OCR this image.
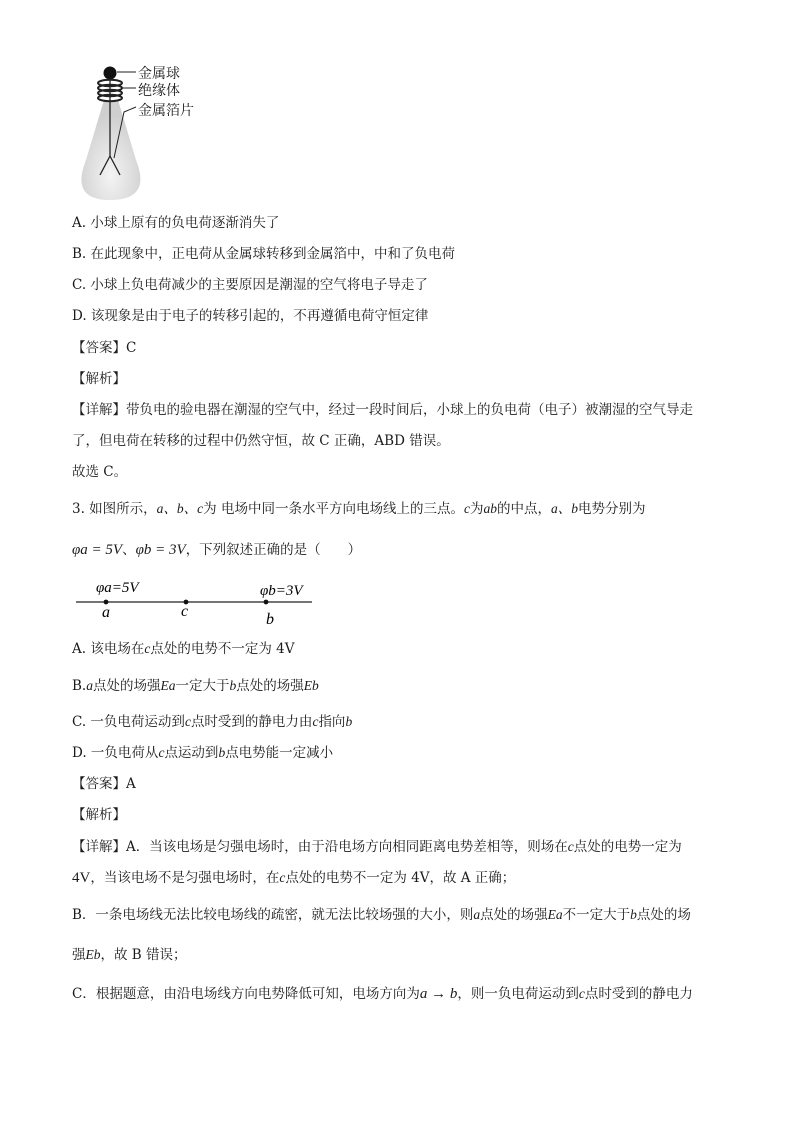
金属球
绝缘体
金属箔片
A. 小球上原有的负电荷逐渐消失了
B. 在此现象中，正电荷从金属球转移到金属箔中，中和了负电荷
C. 小球上负电荷减少的主要原因是潮湿的空气将电子导走了
D. 该现象是由于电子的转移引起的，不再遵循电荷守恒定律
【答案】C
【解析】
【详解】带负电的验电器在潮湿的空气中，经过一段时间后，小球上的负电荷（电子）被潮湿的空气导走
了，但电荷在转移的过程中仍然守恒，故 C 正确，ABD 错误。
故选 C。
3. 如图所示，a、b、c为 电场中同一条水平方向电场线上的三点。c为ab的中点，a、b电势分别为
φa = 5V、φb = 3V，下列叙述正确的是（　　）
φa=5V	φb=3V
a	c	b
A. 该电场在c点处的电势不一定为 4V
B.a点处的场强Ea一定大于b点处的场强Eb
C. 一负电荷运动到c点时受到的静电力由c指向b
D. 一负电荷从c点运动到b点电势能一定减小
【答案】A
【解析】
【详解】A．当该电场是匀强电场时，由于沿电场方向相同距离电势差相等，则场在c点处的电势一定为
4V，当该电场不是匀强电场时，在c点处的电势不一定为 4V，故 A 正确；
B．一条电场线无法比较电场线的疏密，就无法比较场强的大小，则a点处的场强Ea不一定大于b点处的场
强Eb，故 B 错误；
C．根据题意，由沿电场线方向电势降低可知，电场方向为a → b，则一负电荷运动到c点时受到的静电力
